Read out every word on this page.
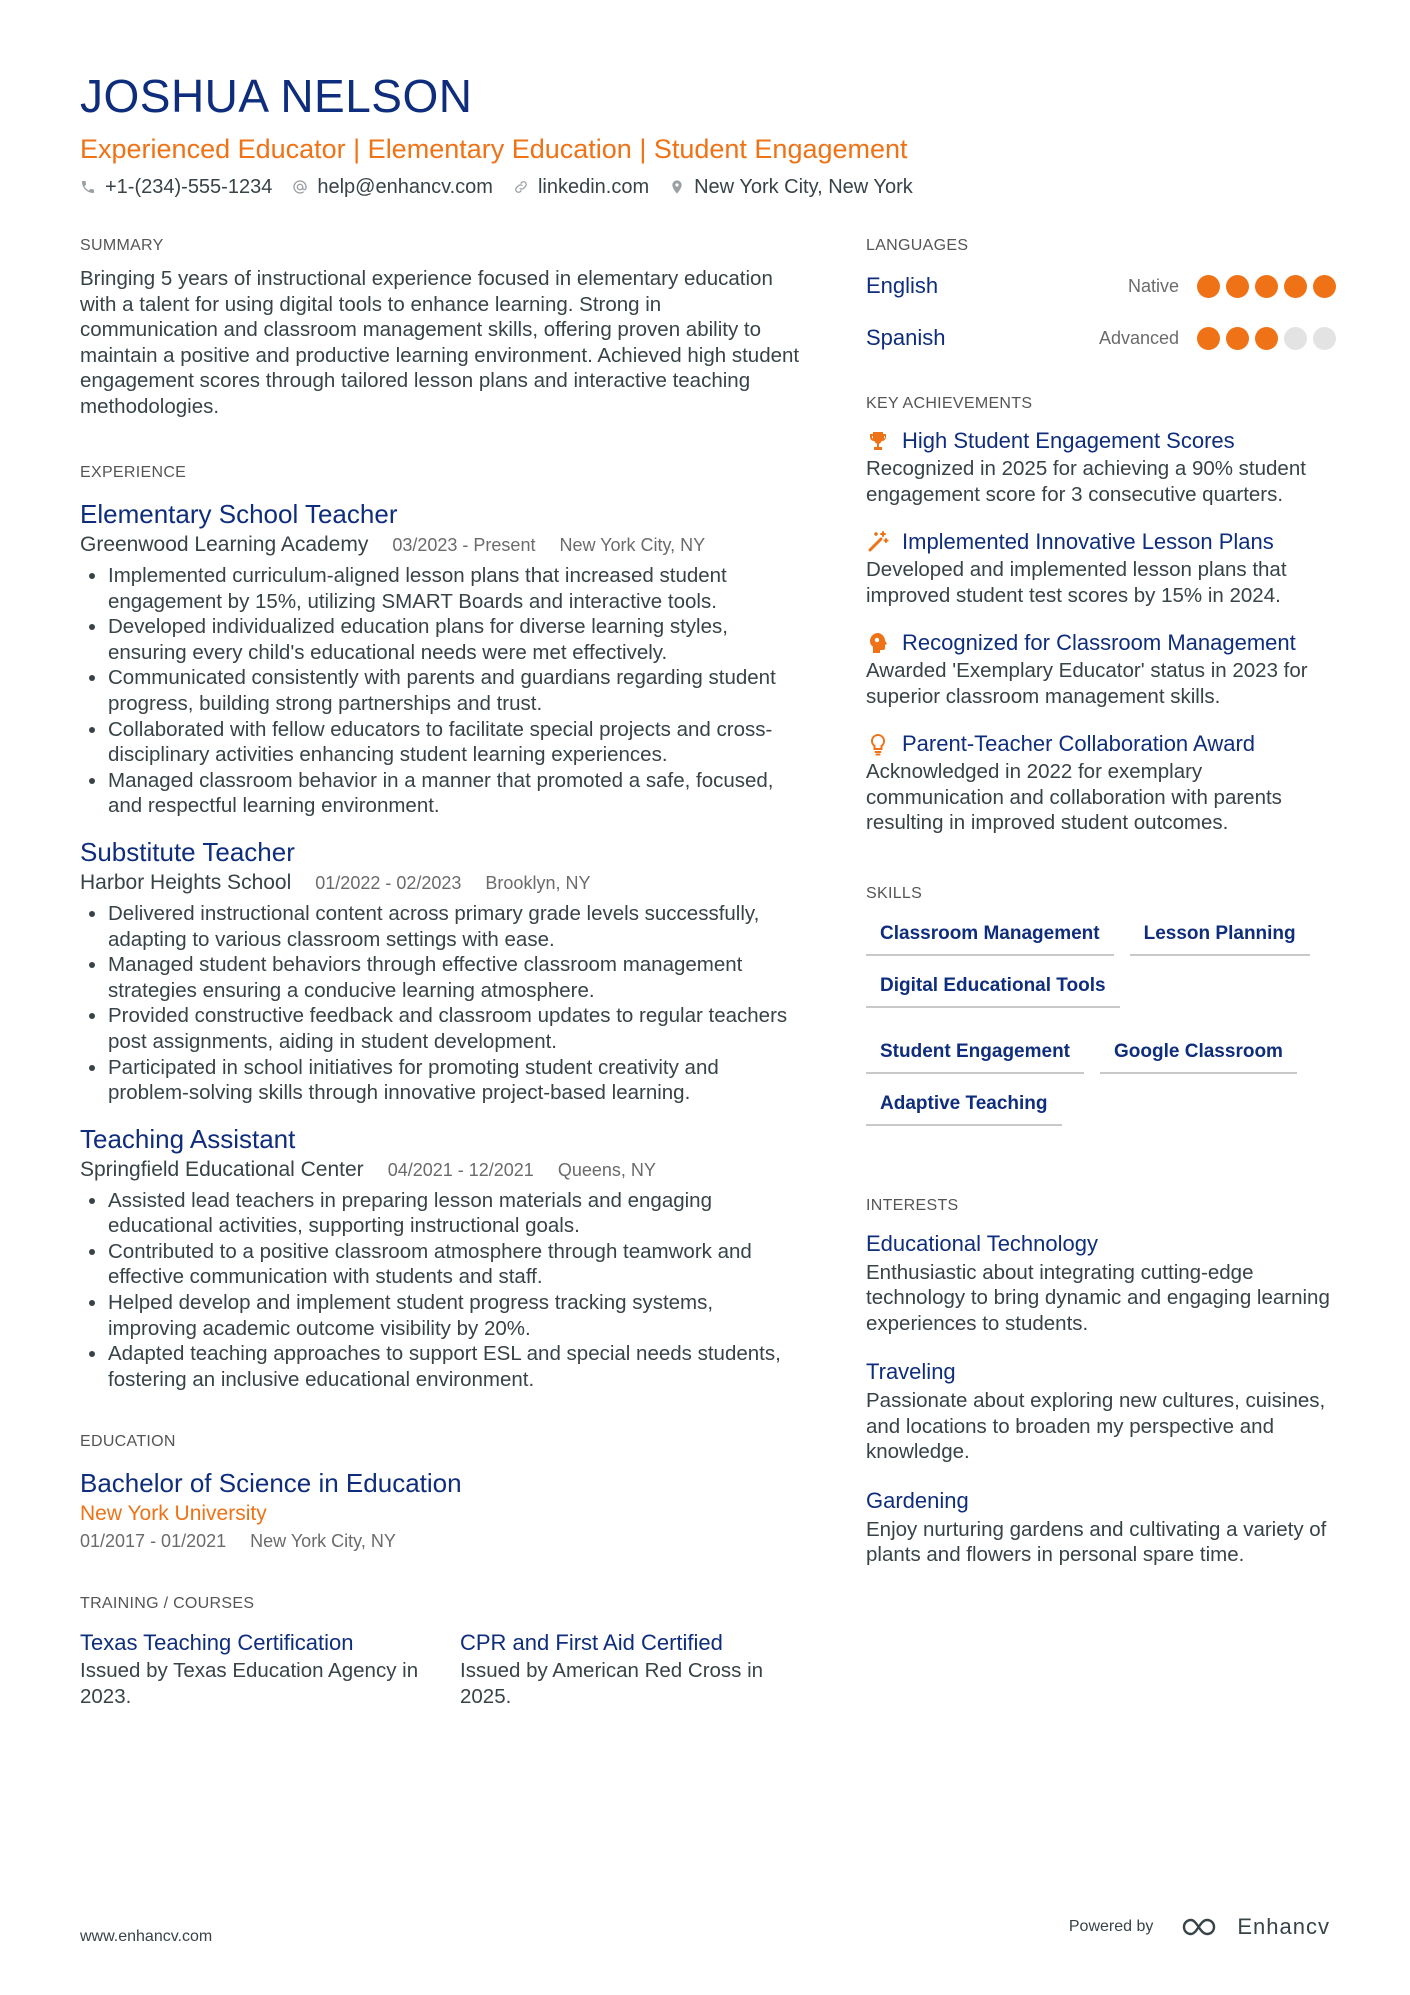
JOSHUA NELSON
Experienced Educator | Elementary Education | Student Engagement
+1-(234)-555-1234 help@enhancv.com linkedin.com New York City, New York
SUMMARY
Bringing 5 years of instructional experience focused in elementary education with a talent for using digital tools to enhance learning. Strong in communication and classroom management skills, offering proven ability to maintain a positive and productive learning environment. Achieved high student engagement scores through tailored lesson plans and interactive teaching methodologies.
EXPERIENCE
Elementary School Teacher
Greenwood Learning Academy 03/2023 - Present New York City, NY
• Implemented curriculum-aligned lesson plans that increased student engagement by 15%, utilizing SMART Boards and interactive tools.
• Developed individualized education plans for diverse learning styles, ensuring every child's educational needs were met effectively.
• Communicated consistently with parents and guardians regarding student progress, building strong partnerships and trust.
• Collaborated with fellow educators to facilitate special projects and cross-disciplinary activities enhancing student learning experiences.
• Managed classroom behavior in a manner that promoted a safe, focused, and respectful learning environment.
Substitute Teacher
Harbor Heights School 01/2022 - 02/2023 Brooklyn, NY
• Delivered instructional content across primary grade levels successfully, adapting to various classroom settings with ease.
• Managed student behaviors through effective classroom management strategies ensuring a conducive learning atmosphere.
• Provided constructive feedback and classroom updates to regular teachers post assignments, aiding in student development.
• Participated in school initiatives for promoting student creativity and problem-solving skills through innovative project-based learning.
Teaching Assistant
Springfield Educational Center 04/2021 - 12/2021 Queens, NY
• Assisted lead teachers in preparing lesson materials and engaging educational activities, supporting instructional goals.
• Contributed to a positive classroom atmosphere through teamwork and effective communication with students and staff.
• Helped develop and implement student progress tracking systems, improving academic outcome visibility by 20%.
• Adapted teaching approaches to support ESL and special needs students, fostering an inclusive educational environment.
EDUCATION
Bachelor of Science in Education
New York University
01/2017 - 01/2021 New York City, NY
TRAINING / COURSES
Texas Teaching Certification
Issued by Texas Education Agency in 2023.
CPR and First Aid Certified
Issued by American Red Cross in 2025.
LANGUAGES
English	Native
Spanish	Advanced
KEY ACHIEVEMENTS
High Student Engagement Scores
Recognized in 2025 for achieving a 90% student engagement score for 3 consecutive quarters.
Implemented Innovative Lesson Plans
Developed and implemented lesson plans that improved student test scores by 15% in 2024.
Recognized for Classroom Management
Awarded 'Exemplary Educator' status in 2023 for superior classroom management skills.
Parent-Teacher Collaboration Award
Acknowledged in 2022 for exemplary communication and collaboration with parents resulting in improved student outcomes.
SKILLS
Classroom Management	Lesson Planning
Digital Educational Tools
Student Engagement	Google Classroom
Adaptive Teaching
INTERESTS
Educational Technology
Enthusiastic about integrating cutting-edge technology to bring dynamic and engaging learning experiences to students.
Traveling
Passionate about exploring new cultures, cuisines, and locations to broaden my perspective and knowledge.
Gardening
Enjoy nurturing gardens and cultivating a variety of plants and flowers in personal spare time.
www.enhancv.com
Powered by	Enhancv
